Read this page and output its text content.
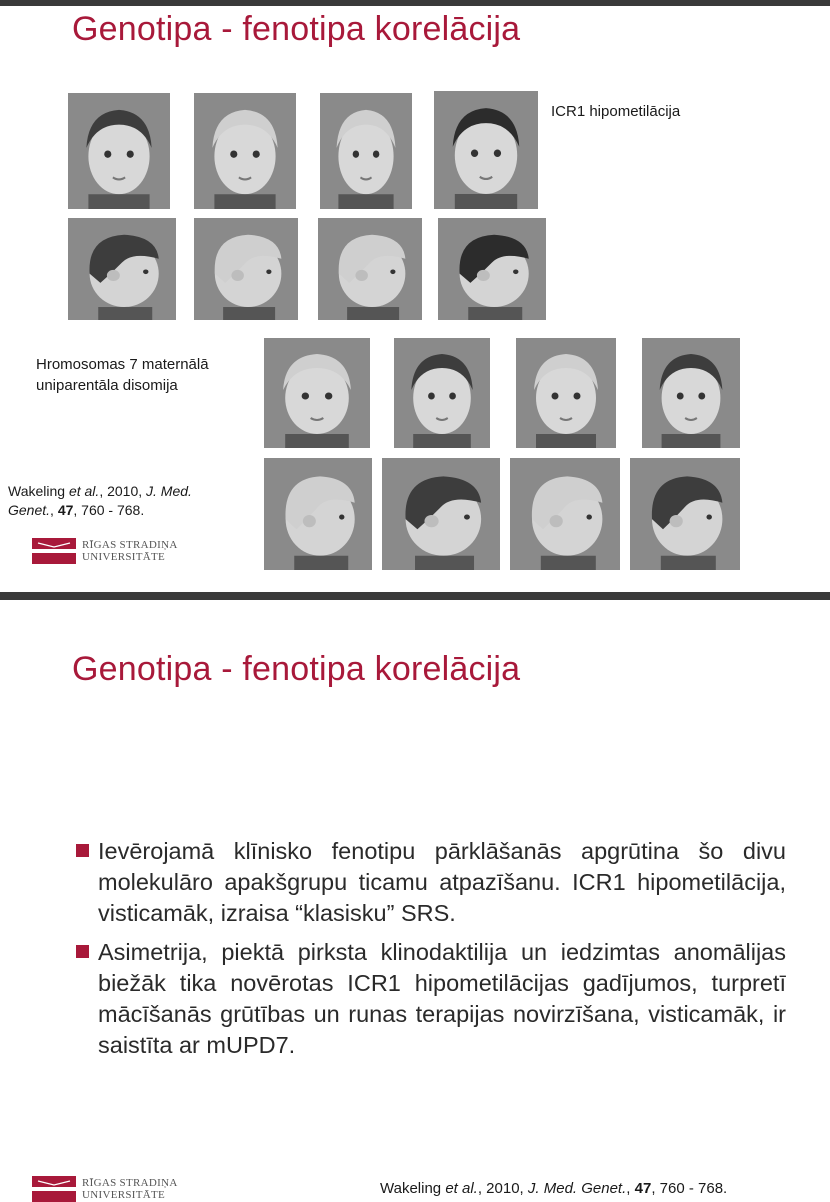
Genotipa - fenotipa korelācija
ICR1 hipometilācija
Hromosomas 7 maternālā
uniparentāla disomija
Wakeling et al., 2010, J. Med.
Genet., 47, 760 - 768.
RĪGAS STRADIŅA
UNIVERSITĀTE
Genotipa - fenotipa korelācija
Ievērojamā klīnisko fenotipu pārklāšanās apgrūtina šo divu molekulāro apakšgrupu ticamu atpazīšanu. ICR1 hipometilācija, visticamāk, izraisa “klasisku” SRS.
Asimetrija, piektā pirksta klinodaktilija un iedzimtas anomālijas biežāk tika novērotas ICR1 hipometilācijas gadījumos, turpretī mācīšanās grūtības un runas terapijas novirzīšana, visticamāk, ir saistīta ar mUPD7.
RĪGAS STRADIŅA
UNIVERSITĀTE	Wakeling et al., 2010, J. Med. Genet., 47, 760 - 768.
